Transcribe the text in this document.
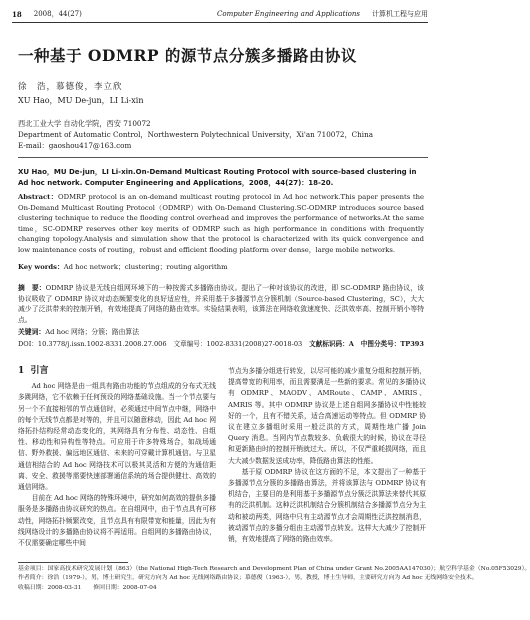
18 2008，44(27)	Computer Engineering and Applications 计算机工程与应用
一种基于 ODMRP 的源节点分簇多播路由协议
徐　浩，慕德俊，李立欣
XU Hao，MU De-jun，LI Li-xin
西北工业大学 自动化学院，西安 710072
Department of Automatic Control，Northwestern Polytechnical University，Xi'an 710072，China
E-mail：gaoshou417@163.com
XU Hao，MU De-jun，LI Li-xin.On-Demand Multicast Routing Protocol with source-based clustering in Ad hoc network. Computer Engineering and Applications，2008，44(27)：18-20.
Abstract：ODMRP protocol is an on-demand multicast routing protocol in Ad hoc network.This paper presents the On-Demand Multicast Routing Protocol（ODMRP）with On-Demand Clustering.SC-ODMRP introduces source based clustering technique to reduce the flooding control overhead and improves the performance of networks.At the same time，SC-ODMRP reserves other key merits of ODMRP such as high performance in conditions with frequently changing topology.Analysis and simulation show that the protocol is characterized with its quick convergence and low maintenance costs of routing，robust and efficient flooding platform over dense，large mobile networks.
Key words：Ad hoc network；clustering；routing algorithm
摘　要：ODMRP 协议是无线自组网环境下的一种按需式多播路由协议。提出了一种对该协议的改进，即 SC-ODMRP 路由协议，该协议吸收了 ODMRP 协议对动态频繁变化的良好适应性，并采用基于多播源节点分簇机制（Source-based Clustering，SC），大大减少了泛洪带来的控制开销，有效地提高了网络的路由效率。实验结果表明，该算法在网络收敛速度快、泛洪效率高、控制开销小等特点。
关键词：Ad hoc 网络；分簇；路由算法
DOI：10.3778/j.issn.1002-8331.2008.27.006 文章编号：1002-8331(2008)27-0018-03 文献标识码：A 中图分类号：TP393
1 引言

Ad hoc 网络是由一组具有路由功能的节点组成的分布式无线多跳网络，它不依赖于任何预设的网络基础设施。当一个节点要与另一个不直接相邻的节点通信时，必须通过中间节点中继，网络中的每个无线节点都是对等的，并且可以随意移动，因此 Ad hoc 网络拓扑结构经常动态变化的，其网络具有分布性、动态性、自组性、移动性和异构性等特点。可应用于许多特殊场合，如战场通信、野外救援、偏远地区通信、未来的可穿戴计算机通信。与卫星通信相结合的 Ad hoc 网络技术可以极其灵活和方便的为通信距离、安全、救援等需要快速部署通信系统的场合提供健壮、高效的通信网络。

目前在 Ad hoc 网络的特殊环境中，研究如何高效的提供多播服务是多播路由协议研究的热点。在自组网中，由于节点具有可移动性，网络拓扑频繁改变，且节点具有有限带宽和能量，因此为有线网络设计的多播路由协议将不再适用。自组网的多播路由协议，不仅需要确定哪些中间

节点为多播分组进行转发，以尽可能的减少重复分组和控制开销，提高带宽的利用率，而且需要满足一些新的要求。常见的多播协议有 ODMRP、MAODV、AMRoute、CAMP、AMRIS、AMRIS 等。其中 ODMRP 协议是上述自组网多播协议中性能较好的一个，且有不错关系，适合高速运动等特点。但 ODMRP 协议在建立多播组时采用一般泛洪的方式，周期性地广播 Join Query 消息。当网内节点数较多、负载很大的时候，协议在寻径和更新路由时的控制开销就过大。所以，不仅严重耗损网络，而且大大减少数据发送成功率，降低路由算法的性能。

基于原 ODMRP 协议在这方面的不足，本文提出了一种基于多播源节点分簇的多播路由算法，并将该算法与 ODMRP 协议有机结合，主要目的是利用基于多播源节点分簇泛洪算法来替代其原有的泛洪机制。这种泛洪机制结合分簇机制结合多播源节点分为主动和被动两类，网络中只有主动源节点才会周期性泛洪控制消息，被动源节点的多播分组由主动源节点转发。这样大大减少了控制开销，有效地提高了网络的路由效率。

基金项目：国家高技术研究发展计划（863）（the National High-Tech Research and Development Plan of China under Grant No.2005AA147030）；航空科学基金（No.05F53029）。
作者简介：徐浩（1979-），男，博士研究生，研究方向为 Ad hoc 无线网络路由协议；慕德俊（1963-），男，教授，博士生导师，主要研究方向为 Ad hoc 无线网络安全技术。
收稿日期：2008-03-31　　修回日期：2008-07-04
